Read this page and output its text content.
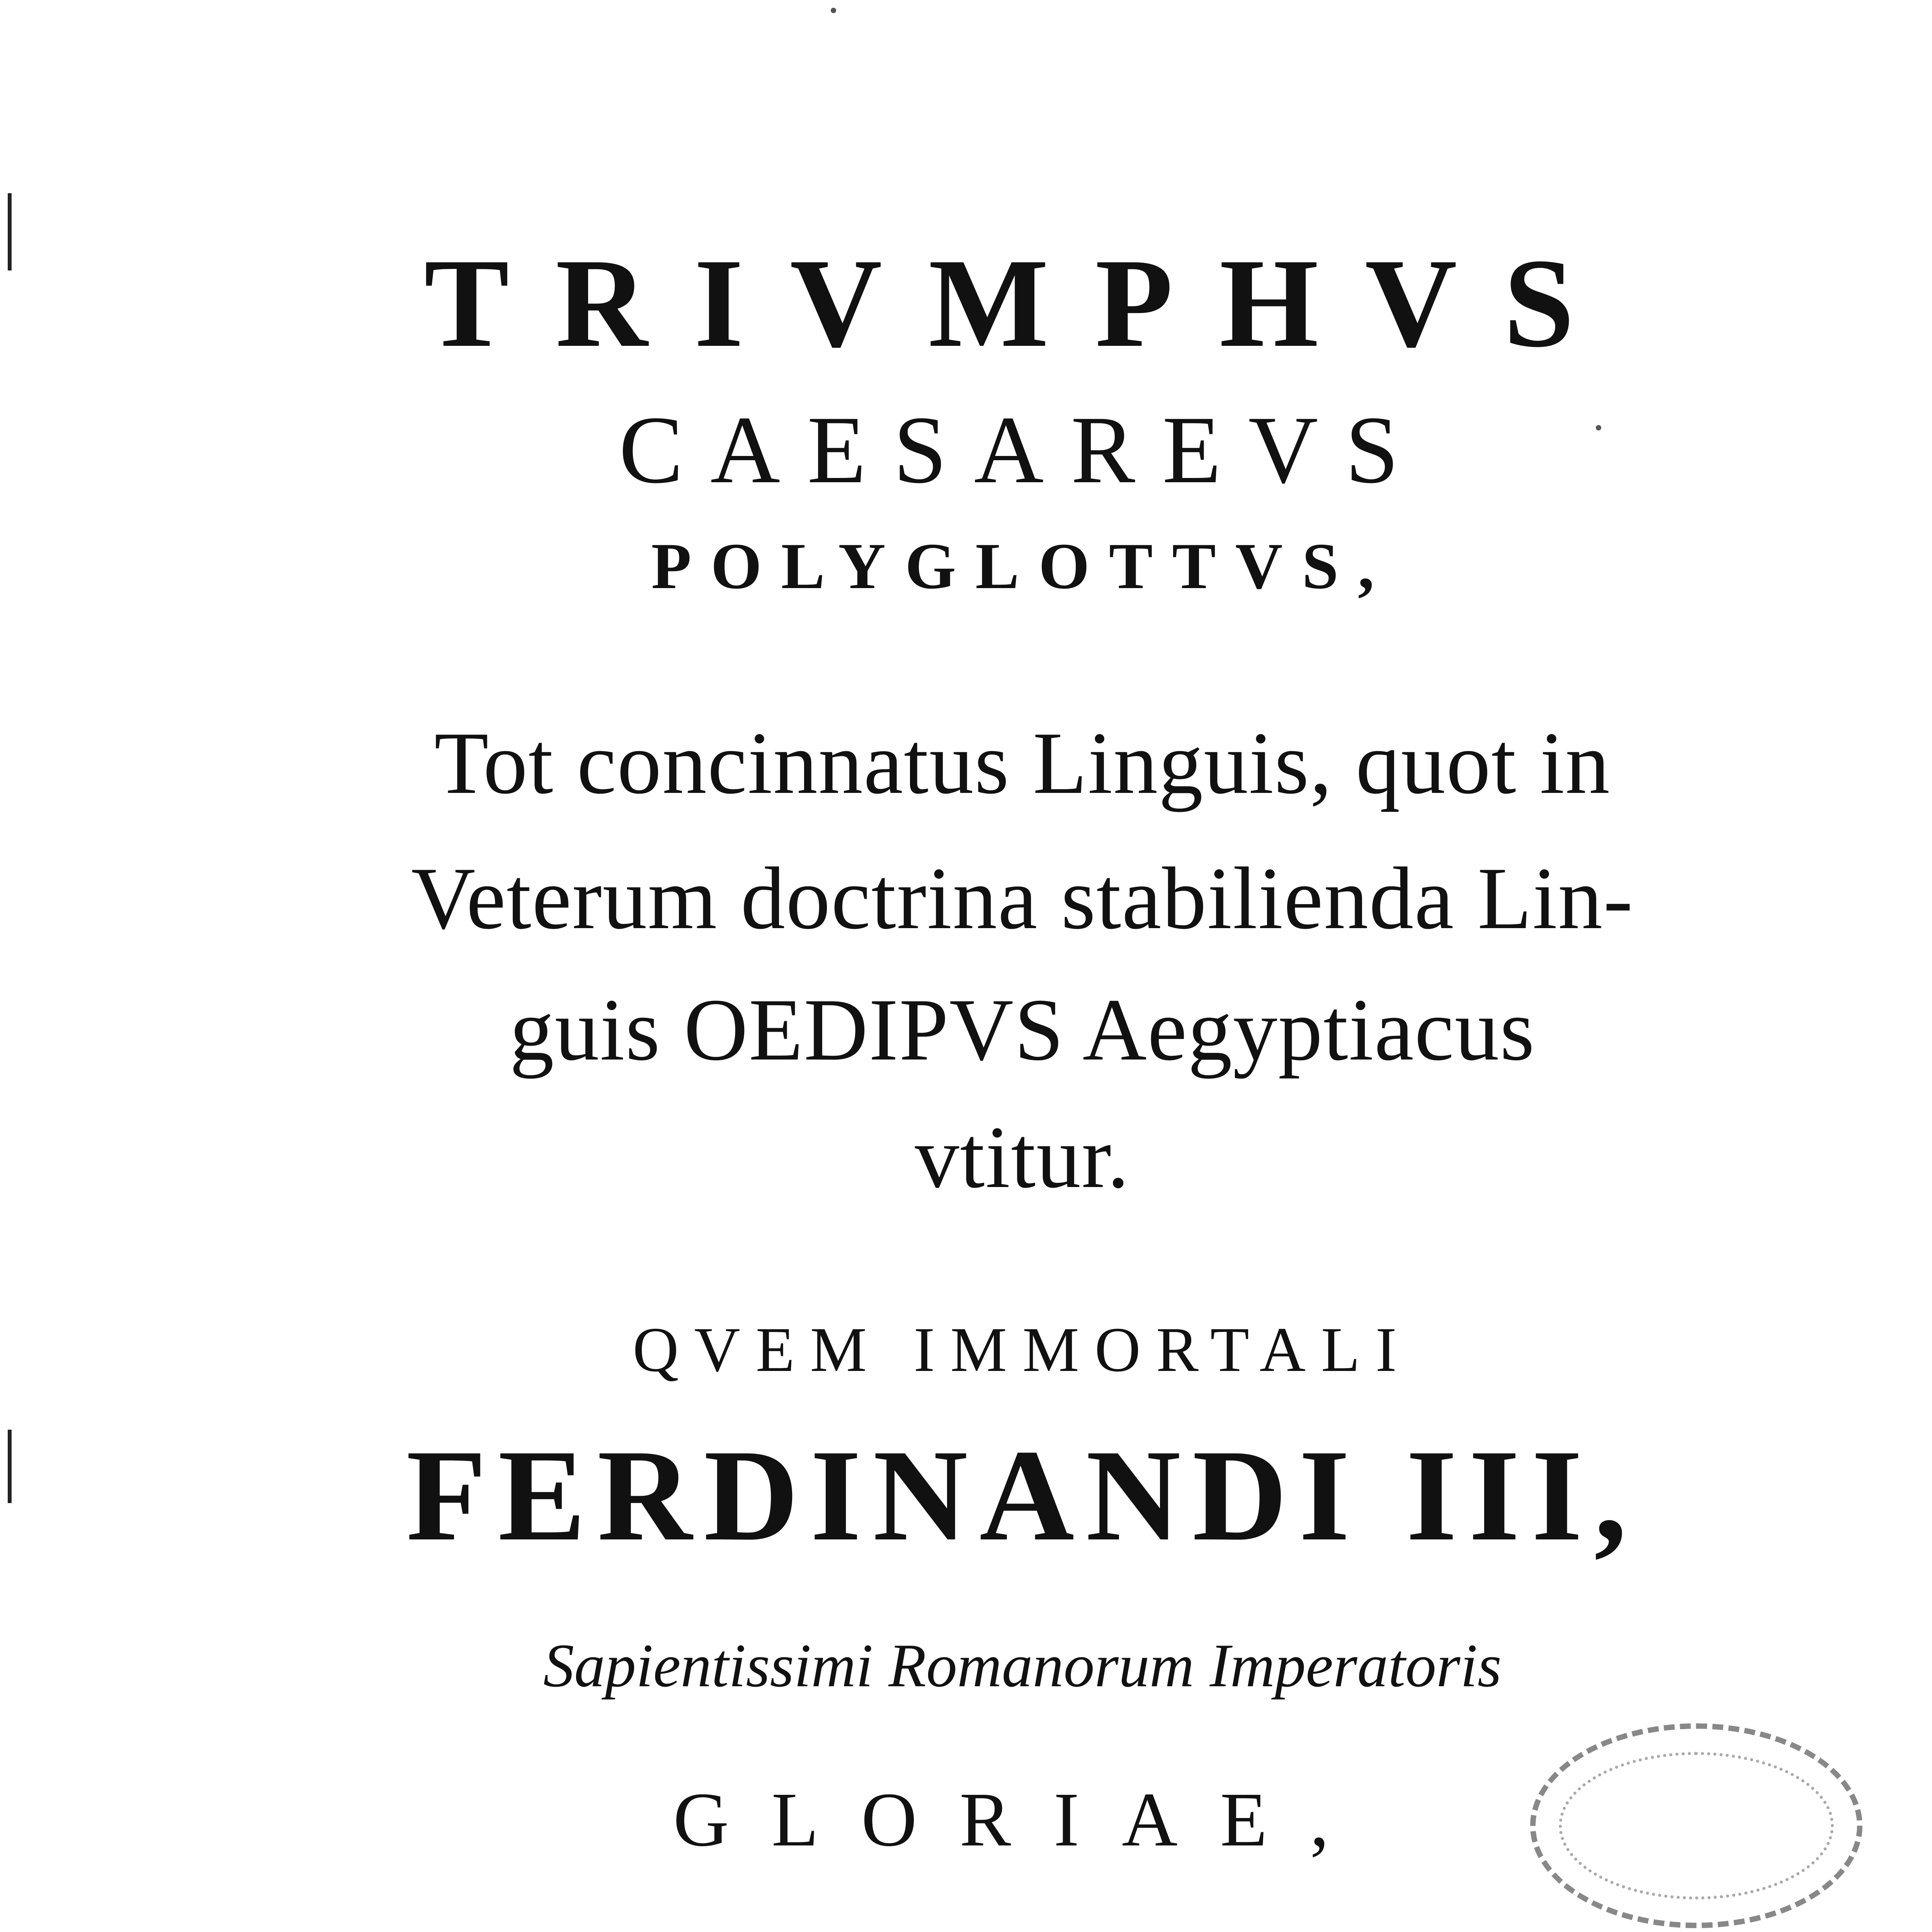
TRIVMPHVS
CAESAREVS
POLYGLOTTVS,
Tot concinnatus Linguis, quot in
Veterum doctrina stabilienda Lin-
guis OEDIPVS Aegyptiacus
vtitur.
QVEM IMMORTALI
FERDINANDI III,
Sapientissimi Romanorum Imperatoris
GLORIAE,
